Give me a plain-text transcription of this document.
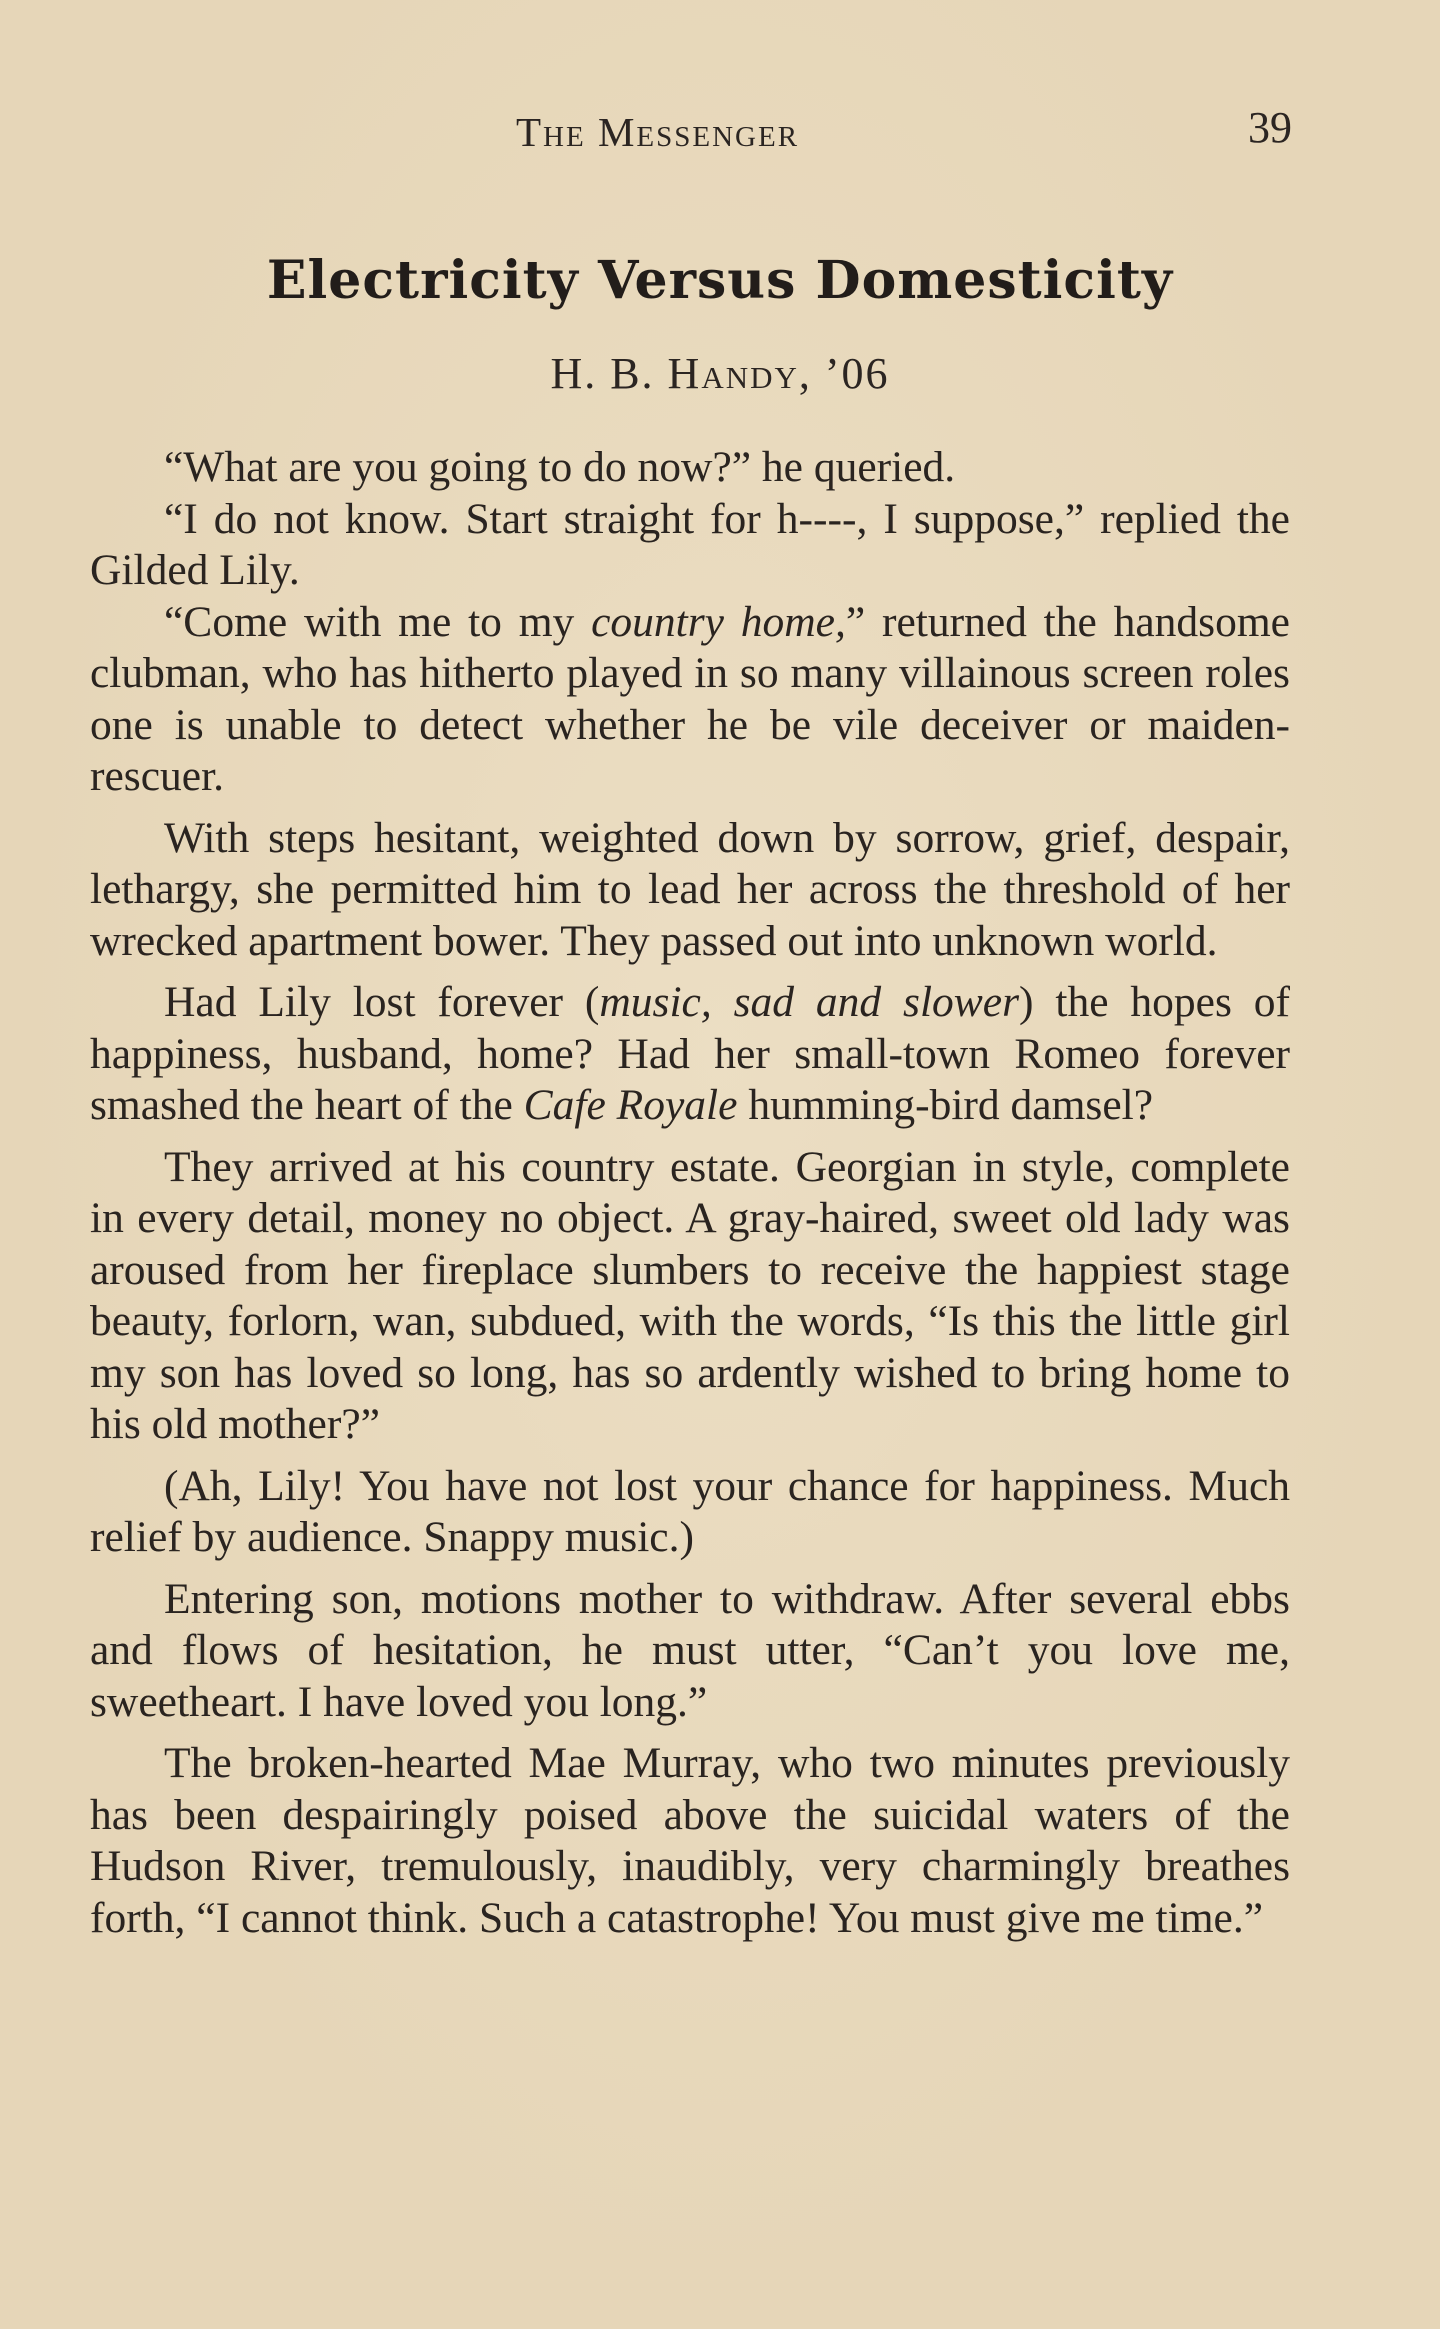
The Messenger	39
Electricity Versus Domesticity
H. B. Handy, ’06

“What are you going to do now?” he queried.

“I do not know. Start straight for h----, I suppose,” replied the Gilded Lily.

“Come with me to my country home,” returned the handsome clubman, who has hitherto played in so many villainous screen roles one is unable to detect whether he be vile deceiver or maiden-rescuer.

With steps hesitant, weighted down by sorrow, grief, despair, lethargy, she permitted him to lead her across the threshold of her wrecked apartment bower. They passed out into unknown world.

Had Lily lost forever (music, sad and slower) the hopes of happiness, husband, home? Had her small-town Romeo forever smashed the heart of the Cafe Royale humming-bird damsel?

They arrived at his country estate. Georgian in style, complete in every detail, money no object. A gray-haired, sweet old lady was aroused from her fireplace slumbers to receive the happiest stage beauty, forlorn, wan, subdued, with the words, “Is this the little girl my son has loved so long, has so ardently wished to bring home to his old mother?”

(Ah, Lily! You have not lost your chance for happiness. Much relief by audience. Snappy music.)

Entering son, motions mother to withdraw. After several ebbs and flows of hesitation, he must utter, “Can’t you love me, sweetheart. I have loved you long.”

The broken-hearted Mae Murray, who two minutes previously has been despairingly poised above the suicidal waters of the Hudson River, tremulously, inaudibly, very charmingly breathes forth, “I cannot think. Such a catastrophe! You must give me time.”
